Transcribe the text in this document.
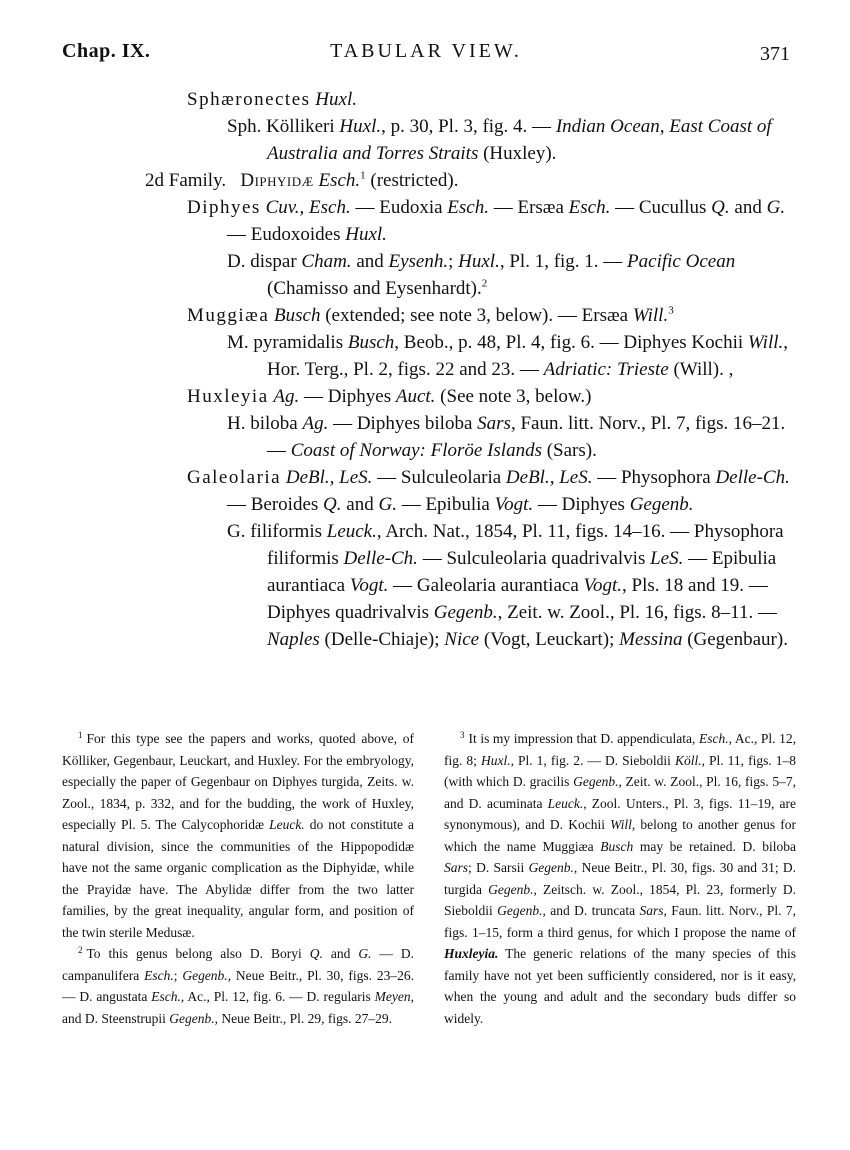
Chap. IX.	TABULAR VIEW.	371

Sphæronectes Huxl.

Sph. Köllikeri Huxl., p. 30, Pl. 3, fig. 4. — Indian Ocean, East Coast of Australia and Torres Straits (Huxley).

2d Family. Diphyidæ Esch.$^1$ (restricted).

Diphyes Cuv., Esch. — Eudoxia Esch. — Ersæa Esch. — Cucullus Q. and G. — Eudoxoides Huxl.

D. dispar Cham. and Eysenh.; Huxl., Pl. 1, fig. 1. — Pacific Ocean (Chamisso and Eysenhardt).$^2$

Muggiæa Busch (extended; see note 3, below). — Ersæa Will.$^3$

M. pyramidalis Busch, Beob., p. 48, Pl. 4, fig. 6. — Diphyes Kochii Will., Hor. Terg., Pl. 2, figs. 22 and 23. — Adriatic: Trieste (Will). ,

Huxleyia Ag. — Diphyes Auct. (See note 3, below.)

H. biloba Ag. — Diphyes biloba Sars, Faun. litt. Norv., Pl. 7, figs. 16–21. — Coast of Norway: Floröe Islands (Sars).

Galeolaria DeBl., LeS. — Sulculeolaria DeBl., LeS. — Physophora Delle-Ch. — Beroides Q. and G. — Epibulia Vogt. — Diphyes Gegenb.

G. filiformis Leuck., Arch. Nat., 1854, Pl. 11, figs. 14–16. — Physophora filiformis Delle-Ch. — Sulculeolaria quadrivalvis LeS. — Epibulia aurantiaca Vogt. — Galeolaria aurantiaca Vogt., Pls. 18 and 19. — Diphyes quadrivalvis Gegenb., Zeit. w. Zool., Pl. 16, figs. 8–11. — Naples (Delle-Chiaje); Nice (Vogt, Leuckart); Messina (Gegenbaur).

$^1$ For this type see the papers and works, quoted above, of Kölliker, Gegenbaur, Leuckart, and Huxley. For the embryology, especially the paper of Gegenbaur on Diphyes turgida, Zeits. w. Zool., 1834, p. 332, and for the budding, the work of Huxley, especially Pl. 5. The Calycophoridæ Leuck. do not constitute a natural division, since the communities of the Hippopodidæ have not the same organic complication as the Diphyidæ, while the Prayidæ have. The Abylidæ differ from the two latter families, by the great inequality, angular form, and position of the twin sterile Medusæ.

$^2$ To this genus belong also D. Boryi Q. and G. — D. campanulifera Esch.; Gegenb., Neue Beitr., Pl. 30, figs. 23–26. — D. angustata Esch., Ac., Pl. 12, fig. 6. — D. regularis Meyen, and D. Steenstrupii Gegenb., Neue Beitr., Pl. 29, figs. 27–29.

$^3$ It is my impression that D. appendiculata, Esch., Ac., Pl. 12, fig. 8; Huxl., Pl. 1, fig. 2. — D. Sieboldii Köll., Pl. 11, figs. 1–8 (with which D. gracilis Gegenb., Zeit. w. Zool., Pl. 16, figs. 5–7, and D. acuminata Leuck., Zool. Unters., Pl. 3, figs. 11–19, are synonymous), and D. Kochii Will, belong to another genus for which the name Muggiæa Busch may be retained. D. biloba Sars; D. Sarsii Gegenb., Neue Beitr., Pl. 30, figs. 30 and 31; D. turgida Gegenb., Zeitsch. w. Zool., 1854, Pl. 23, formerly D. Sieboldii Gegenb., and D. truncata Sars, Faun. litt. Norv., Pl. 7, figs. 1–15, form a third genus, for which I propose the name of Huxleyia. The generic relations of the many species of this family have not yet been sufficiently considered, nor is it easy, when the young and adult and the secondary buds differ so widely.
